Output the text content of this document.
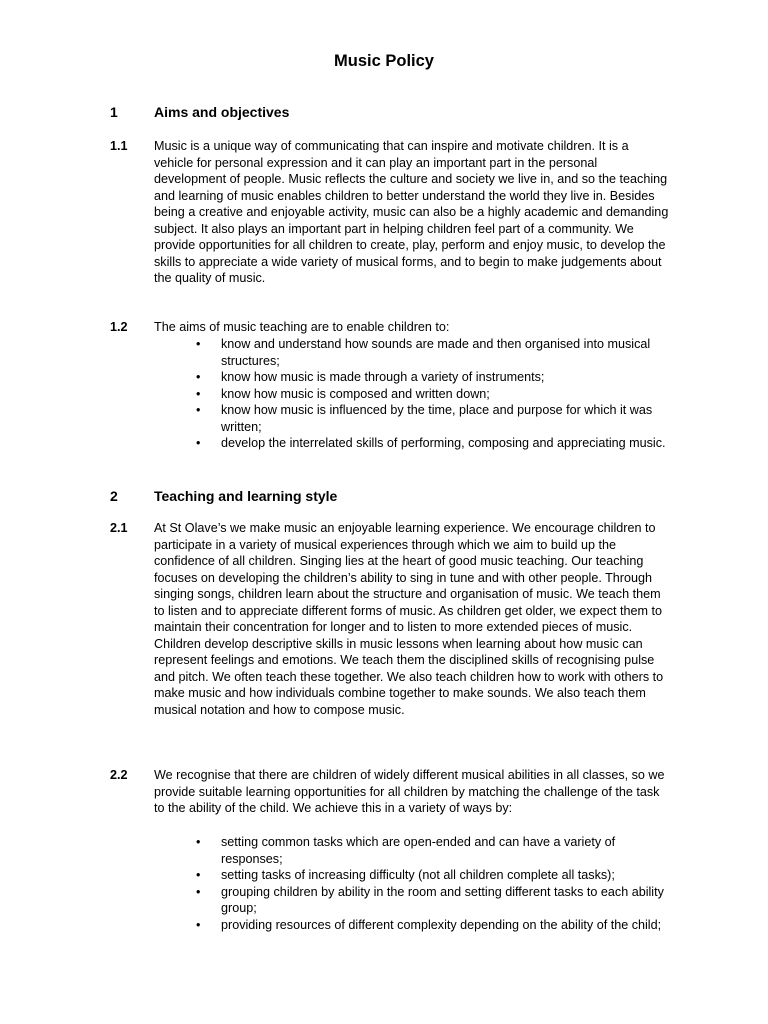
Music Policy
1	Aims and objectives
1.1 Music is a unique way of communicating that can inspire and motivate children. It is a vehicle for personal expression and it can play an important part in the personal development of people. Music reflects the culture and society we live in, and so the teaching and learning of music enables children to better understand the world they live in. Besides being a creative and enjoyable activity, music can also be a highly academic and demanding subject. It also plays an important part in helping children feel part of a community. We provide opportunities for all children to create, play, perform and enjoy music, to develop the skills to appreciate a wide variety of musical forms, and to begin to make judgements about the quality of music.
1.2 The aims of music teaching are to enable children to:
• know and understand how sounds are made and then organised into musical structures;
• know how music is made through a variety of instruments;
• know how music is composed and written down;
• know how music is influenced by the time, place and purpose for which it was written;
• develop the interrelated skills of performing, composing and appreciating music.
2	Teaching and learning style
2.1 At St Olave’s we make music an enjoyable learning experience. We encourage children to participate in a variety of musical experiences through which we aim to build up the confidence of all children. Singing lies at the heart of good music teaching. Our teaching focuses on developing the children’s ability to sing in tune and with other people. Through singing songs, children learn about the structure and organisation of music. We teach them to listen and to appreciate different forms of music. As children get older, we expect them to maintain their concentration for longer and to listen to more extended pieces of music. Children develop descriptive skills in music lessons when learning about how music can represent feelings and emotions. We teach them the disciplined skills of recognising pulse and pitch. We often teach these together. We also teach children how to work with others to make music and how individuals combine together to make sounds. We also teach them musical notation and how to compose music.
2.2 We recognise that there are children of widely different musical abilities in all classes, so we provide suitable learning opportunities for all children by matching the challenge of the task to the ability of the child. We achieve this in a variety of ways by:
• setting common tasks which are open-ended and can have a variety of responses;
• setting tasks of increasing difficulty (not all children complete all tasks);
• grouping children by ability in the room and setting different tasks to each ability group;
• providing resources of different complexity depending on the ability of the child;
